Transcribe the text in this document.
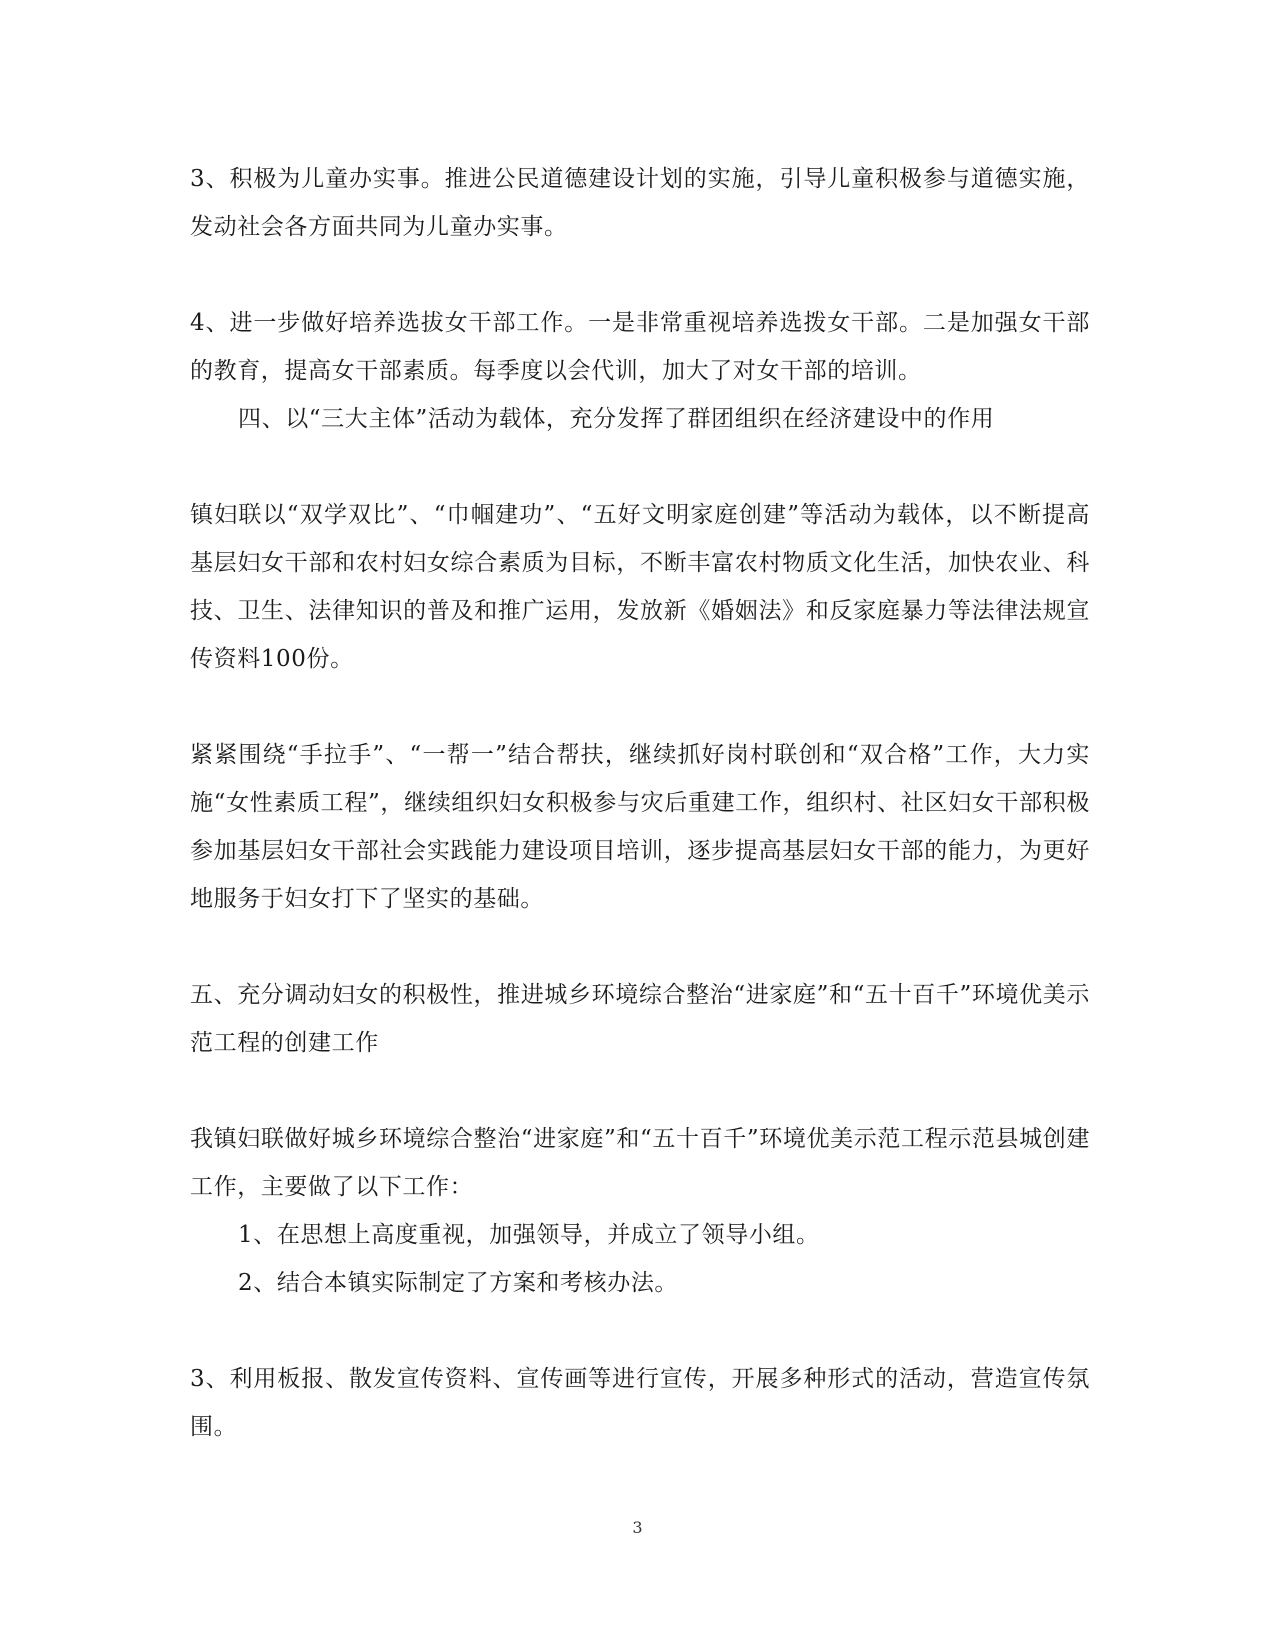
3、积极为儿童办实事。推进公民道德建设计划的实施，引导儿童积极参与道德实施，发动社会各方面共同为儿童办实事。

4、进一步做好培养选拔女干部工作。一是非常重视培养选拨女干部。二是加强女干部的教育，提高女干部素质。每季度以会代训，加大了对女干部的培训。

四、以“三大主体”活动为载体，充分发挥了群团组织在经济建设中的作用

镇妇联以“双学双比”、“巾帼建功”、“五好文明家庭创建”等活动为载体，以不断提高基层妇女干部和农村妇女综合素质为目标，不断丰富农村物质文化生活，加快农业、科技、卫生、法律知识的普及和推广运用，发放新《婚姻法》和反家庭暴力等法律法规宣传资料100份。

紧紧围绕“手拉手”、“一帮一”结合帮扶，继续抓好岗村联创和“双合格”工作，大力实施“女性素质工程”，继续组织妇女积极参与灾后重建工作，组织村、社区妇女干部积极参加基层妇女干部社会实践能力建设项目培训，逐步提高基层妇女干部的能力，为更好地服务于妇女打下了坚实的基础。

五、充分调动妇女的积极性，推进城乡环境综合整治“进家庭”和“五十百千”环境优美示范工程的创建工作

我镇妇联做好城乡环境综合整治“进家庭”和“五十百千”环境优美示范工程示范县城创建工作，主要做了以下工作：

1、在思想上高度重视，加强领导，并成立了领导小组。

2、结合本镇实际制定了方案和考核办法。

3、利用板报、散发宣传资料、宣传画等进行宣传，开展多种形式的活动，营造宣传氛围。

3
